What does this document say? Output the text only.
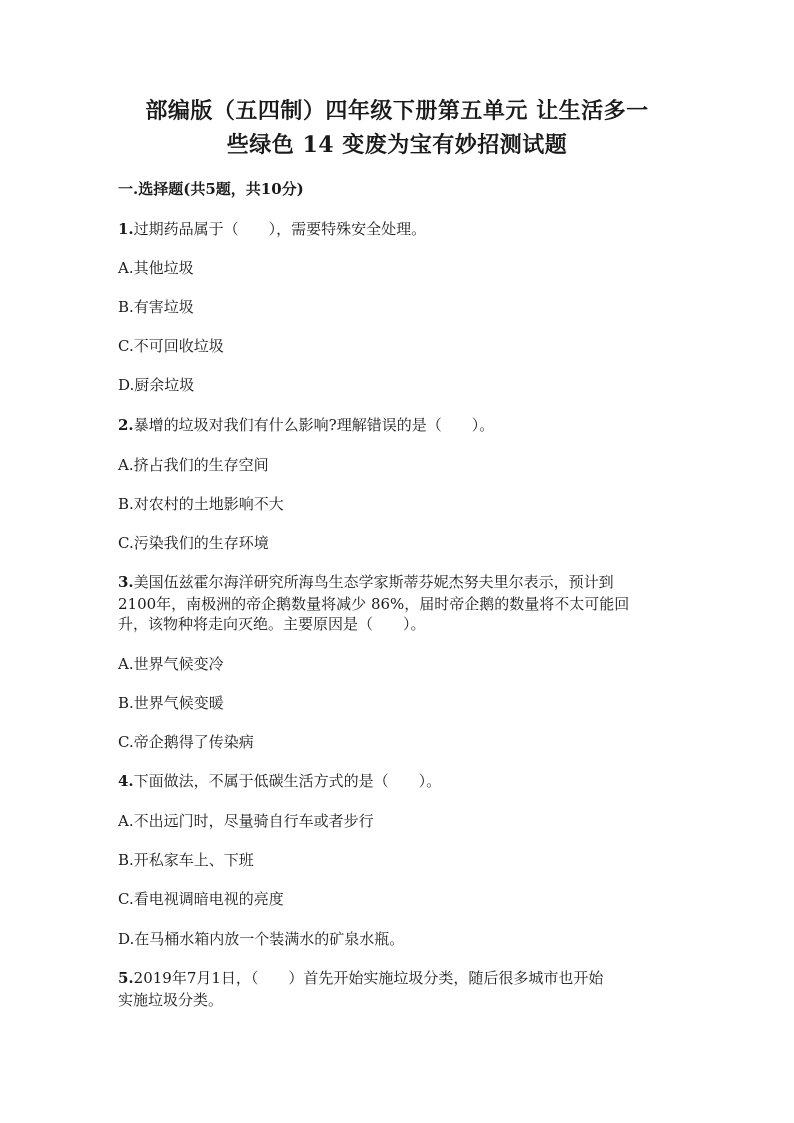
部编版（五四制）四年级下册第五单元 让生活多一
些绿色 14 变废为宝有妙招测试题
一.选择题(共5题，共10分)
1.过期药品属于（　　），需要特殊安全处理。
A.其他垃圾
B.有害垃圾
C.不可回收垃圾
D.厨余垃圾
2.暴增的垃圾对我们有什么影响?理解错误的是（　　）。
A.挤占我们的生存空间
B.对农村的土地影响不大
C.污染我们的生存环境
3.美国伍兹霍尔海洋研究所海鸟生态学家斯蒂芬妮杰努夫里尔表示，预计到
2100年，南极洲的帝企鹅数量将减少 86%，届时帝企鹅的数量将不太可能回
升，该物种将走向灭绝。主要原因是（　　）。
A.世界气候变冷
B.世界气候变暖
C.帝企鹅得了传染病
4.下面做法，不属于低碳生活方式的是（　　）。
A.不出远门时，尽量骑自行车或者步行
B.开私家车上、下班
C.看电视调暗电视的亮度
D.在马桶水箱内放一个装满水的矿泉水瓶。
5.2019年7月1日，（　　）首先开始实施垃圾分类，随后很多城市也开始
实施垃圾分类。
